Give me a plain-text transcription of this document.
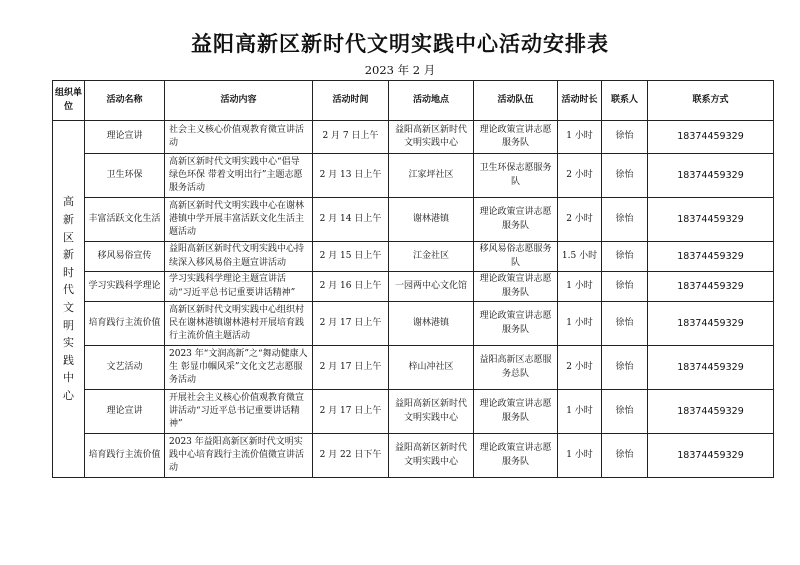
益阳高新区新时代文明实践中心活动安排表
2023 年 2 月
组织单位	活动名称	活动内容	活动时间	活动地点	活动队伍	活动时长	联系人	联系方式
高新区新时代文明实践中心	理论宣讲	社会主义核心价值观教育微宣讲活动	2 月 7 日上午	益阳高新区新时代文明实践中心	理论政策宣讲志愿服务队	1 小时	徐怡	18374459329
	卫生环保	高新区新时代文明实践中心“倡导绿色环保 带着文明出行”主题志愿服务活动	2 月 13 日上午	江家坪社区	卫生环保志愿服务队	2 小时	徐怡	18374459329
	丰富活跃文化生活	高新区新时代文明实践中心在谢林港镇中学开展丰富活跃文化生活主题活动	2 月 14 日上午	谢林港镇	理论政策宣讲志愿服务队	2 小时	徐怡	18374459329
	移风易俗宣传	益阳高新区新时代文明实践中心持续深入移风易俗主题宣讲活动	2 月 15 日上午	江金社区	移风易俗志愿服务队	1.5 小时	徐怡	18374459329
	学习实践科学理论	学习实践科学理论主题宣讲活动“习近平总书记重要讲话精神”	2 月 16 日上午	一园两中心文化馆	理论政策宣讲志愿服务队	1 小时	徐怡	18374459329
	培育践行主流价值	高新区新时代文明实践中心组织村民在谢林港镇谢林港村开展培育践行主流价值主题活动	2 月 17 日上午	谢林港镇	理论政策宣讲志愿服务队	1 小时	徐怡	18374459329
	文艺活动	2023 年“文润高新”之“舞动健康人生 彰显巾帼风采”文化文艺志愿服务活动	2 月 17 日上午	梓山冲社区	益阳高新区志愿服务总队	2 小时	徐怡	18374459329
	理论宣讲	开展社会主义核心价值观教育微宣讲活动“习近平总书记重要讲话精神”	2 月 17 日上午	益阳高新区新时代文明实践中心	理论政策宣讲志愿服务队	1 小时	徐怡	18374459329
	培育践行主流价值	2023 年益阳高新区新时代文明实践中心培育践行主流价值微宣讲活动	2 月 22 日下午	益阳高新区新时代文明实践中心	理论政策宣讲志愿服务队	1 小时	徐怡	18374459329
